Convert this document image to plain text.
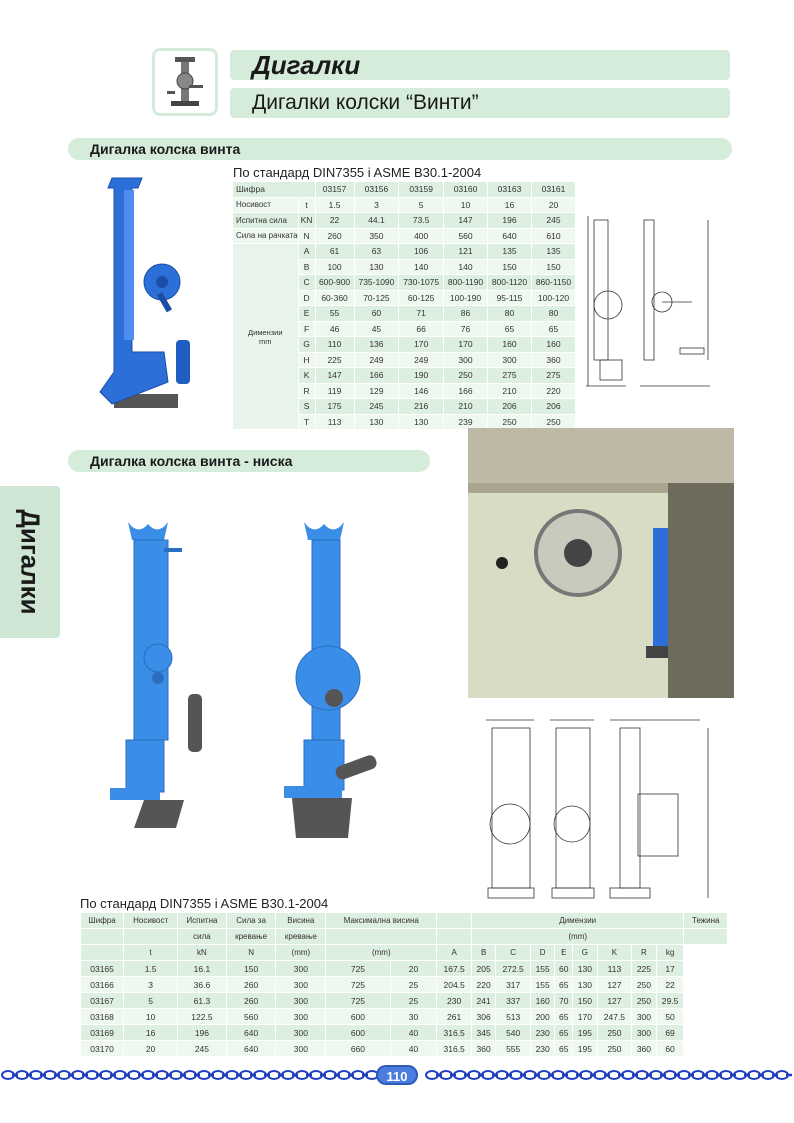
Дигалки
Дигалки колски “Винти”
Дигалки
Дигалка колска винта
По стандард DIN7355 i ASME B30.1-2004
Шифра		03157	03156	03159	03160	03163	03161
Носивост	t	1.5	3	5	10	16	20
Испитна сила	KN	22	44.1	73.5	147	196	245
Сила на рачката	N	260	350	400	560	640	610

Димензии
mm	A	61	63	106	121	135	135
	B	100	130	140	140	150	150
	C	600-900	735-1090	730-1075	800-1190	800-1120	860-1150
	D	60-360	70-125	60-125	100-190	95-115	100-120
	E	55	60	71	86	80	80
	F	46	45	66	76	65	65
	G	110	136	170	170	160	160
	H	225	249	249	300	300	360
	K	147	166	190	250	275	275
	R	119	129	146	166	210	220
	S	175	245	216	210	206	206
	T	113	130	130	239	250	250
Дигалка колска винта - ниска
По стандард DIN7355 i ASME B30.1-2004
Шифра	Носивост	Испитна	Сила за	Висина	Максимална висина			Димензии								Тежина
		сила	кревање	кревање				(mm)								
	t	kN	N	(mm)	(mm)		A	B	C	D	E	G	K	R	kg	
03165	1.5	16.1	150	300	725	20	167.5	205	272.5	155	60	130	113	225	17	
03166	3	36.6	260	300	725	25	204.5	220	317	155	65	130	127	250	22	
03167	5	61.3	260	300	725	25	230	241	337	160	70	150	127	250	29.5	
03168	10	122.5	560	300	600	30	261	306	513	200	65	170	247.5	300	50	
03169	16	196	640	300	600	40	316.5	345	540	230	65	195	250	300	69	
03170	20	245	640	300	660	40	316.5	360	555	230	65	195	250	360	60	
110
